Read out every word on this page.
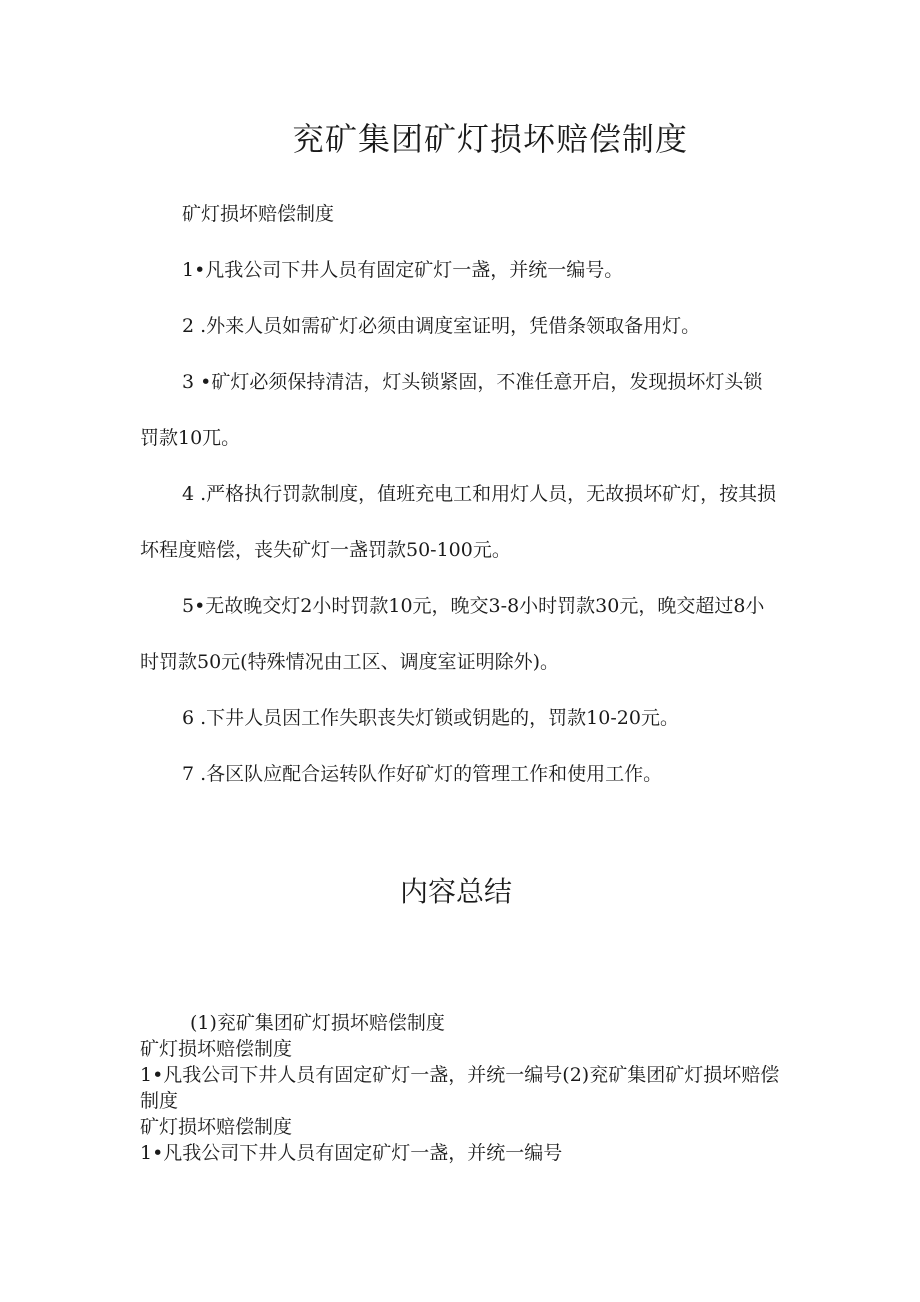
兖矿集团矿灯损坏赔偿制度

矿灯损坏赔偿制度

1•凡我公司下井人员有固定矿灯一盏，并统一编号。

2 .外来人员如需矿灯必须由调度室证明，凭借条领取备用灯。

3 •矿灯必须保持清洁，灯头锁紧固，不准任意开启，发现损坏灯头锁罚款10兀。

4 .严格执行罚款制度，值班充电工和用灯人员，无故损坏矿灯，按其损坏程度赔偿，丧失矿灯一盏罚款50-100元。

5•无故晚交灯2小时罚款10元，晚交3-8小时罚款30元，晚交超过8小时罚款50元(特殊情况由工区、调度室证明除外)。

6 .下井人员因工作失职丧失灯锁或钥匙的，罚款10-20元。

7 .各区队应配合运转队作好矿灯的管理工作和使用工作。

内容总结

(1)兖矿集团矿灯损坏赔偿制度

矿灯损坏赔偿制度

1•凡我公司下井人员有固定矿灯一盏，并统一编号(2)兖矿集团矿灯损坏赔偿制度

矿灯损坏赔偿制度

1•凡我公司下井人员有固定矿灯一盏，并统一编号
